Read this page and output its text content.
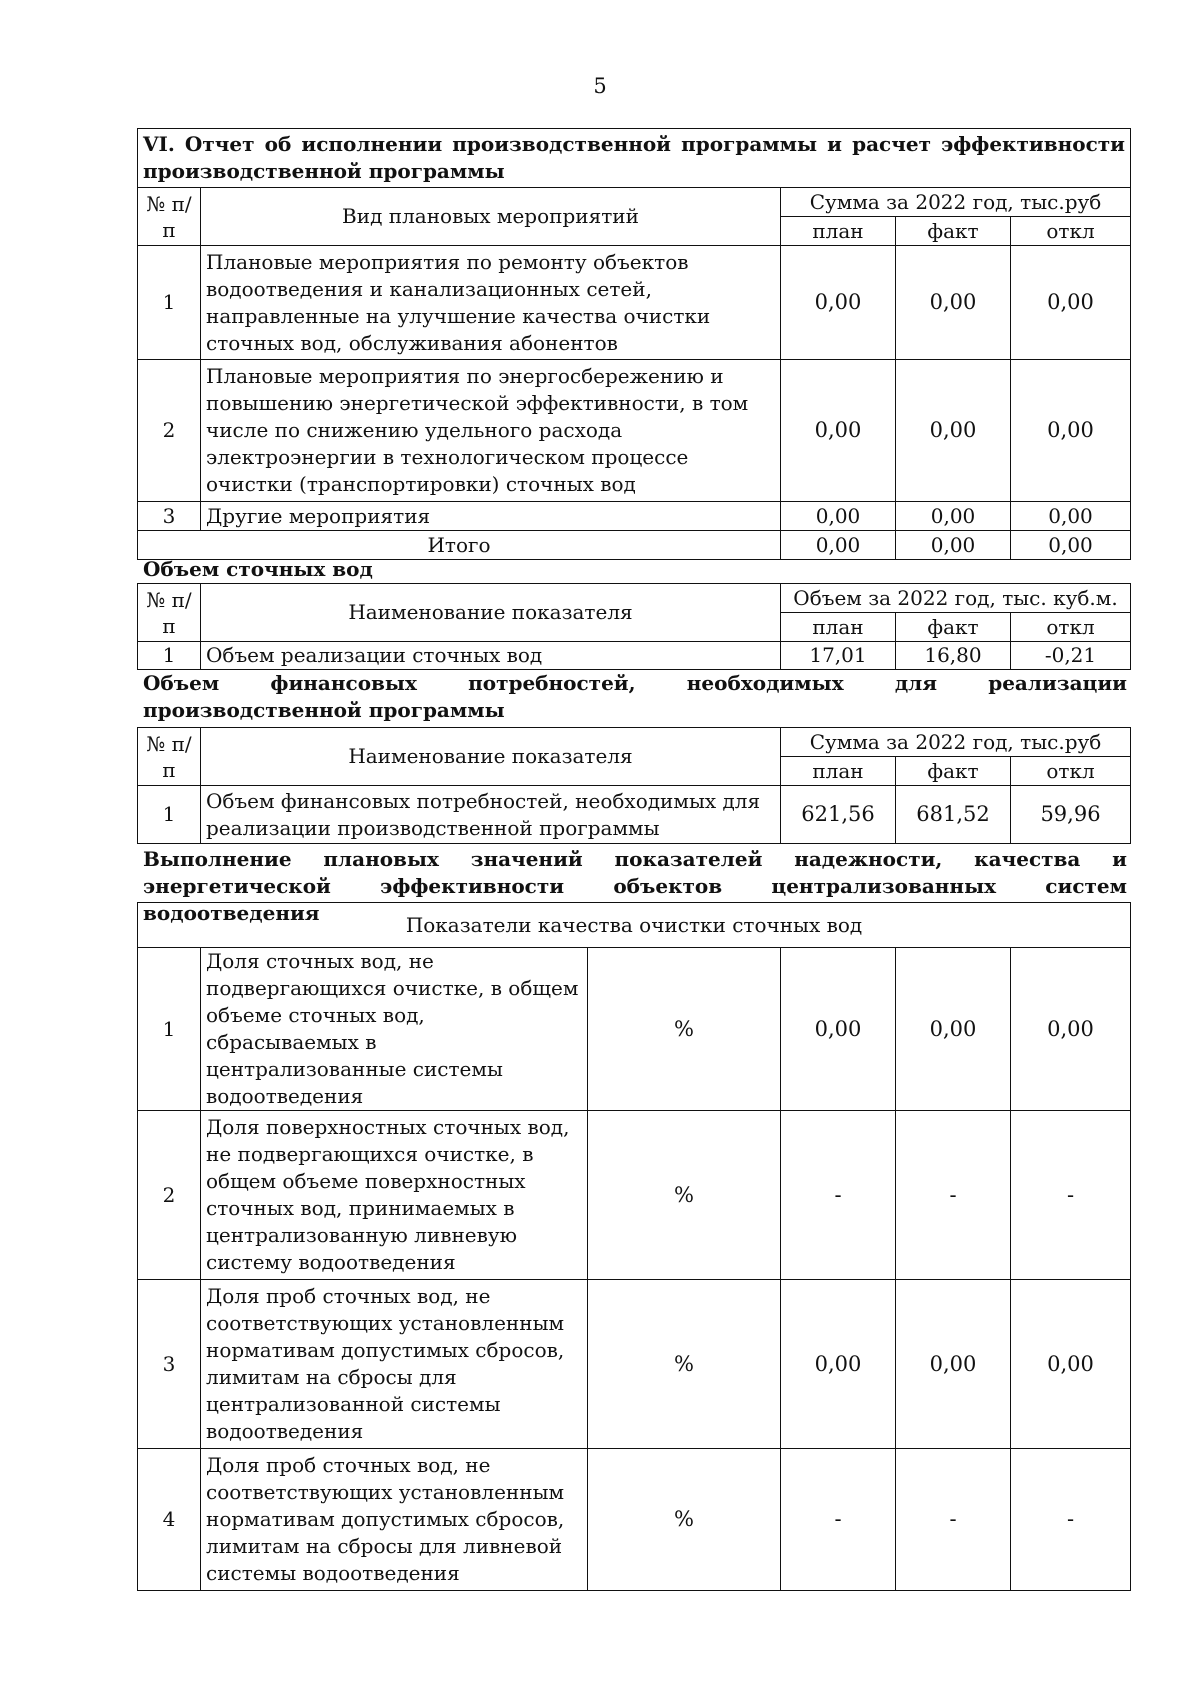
5
VI. Отчет об исполнении производственной программы и расчет эффективности производственной программы				
№ п/п	Вид плановых мероприятий	Сумма за 2022 год, тыс.руб		
		план	факт	откл
1	Плановые мероприятия по ремонту объектов водоотведения и канализационных сетей, направленные на улучшение качества очистки сточных вод, обслуживания абонентов	0,00	0,00	0,00
2	Плановые мероприятия по энергосбережению и повышению энергетической эффективности, в том числе по снижению удельного расхода электроэнергии в технологическом процессе очистки (транспортировки) сточных вод	0,00	0,00	0,00
3	Другие мероприятия	0,00	0,00	0,00
Итого		0,00	0,00	0,00
Объем сточных вод
№ п/п	Наименование показателя	Объем за 2022 год, тыс. куб.м.		
		план	факт	откл
1	Объем реализации сточных вод	17,01	16,80	-0,21
Объем финансовых потребностей, необходимых для реализации производственной программы
№ п/п	Наименование показателя	Сумма за 2022 год, тыс.руб		
		план	факт	откл
1	Объем финансовых потребностей, необходимых для реализации производственной программы	621,56	681,52	59,96
Выполнение плановых значений показателей надежности, качества и энергетической эффективности объектов централизованных систем водоотведения	Показатели качества очистки сточных вод					
1	Доля сточных вод, не подвергающихся очистке, в общем объеме сточных вод, сбрасываемых в централизованные системы водоотведения	%	0,00	0,00	0,00
2	Доля поверхностных сточных вод, не подвергающихся очистке, в общем объеме поверхностных сточных вод, принимаемых в централизованную ливневую систему водоотведения	%	-	-	-
3	Доля проб сточных вод, не соответствующих установленным нормативам допустимых сбросов, лимитам на сбросы для централизованной системы водоотведения	%	0,00	0,00	0,00
4	Доля проб сточных вод, не соответствующих установленным нормативам допустимых сбросов, лимитам на сбросы для ливневой системы водоотведения	%	-	-	-
